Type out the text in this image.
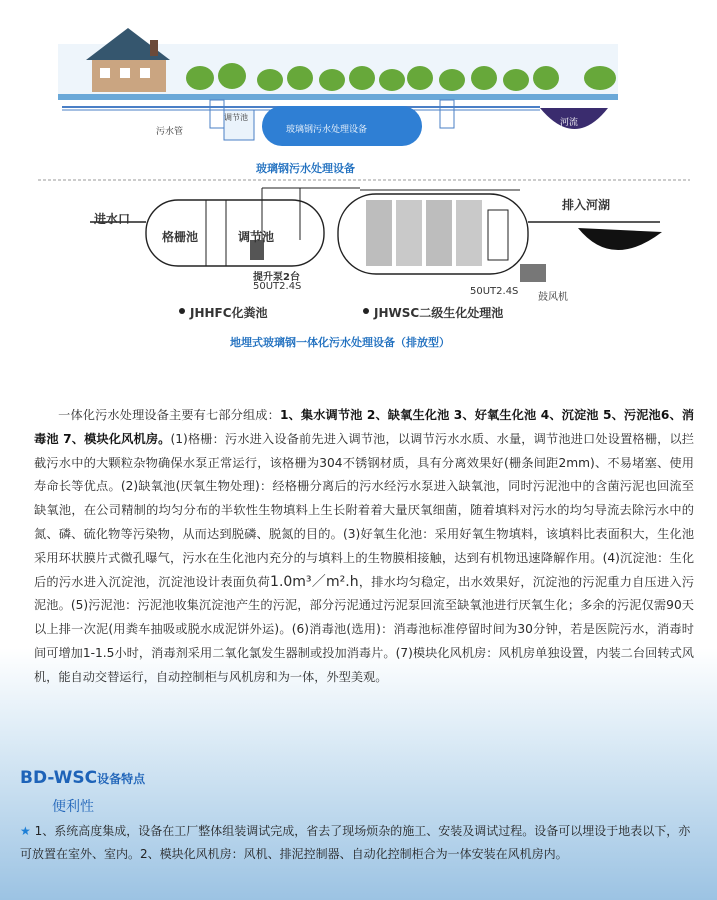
污水管
调节池
玻璃钢污水处理设备
河流
玻璃钢污水处理设备
进水口
格栅池	调节池
提升泵2台
50UT2.4S	50UT2.4S
排入河湖
鼓风机
JHHFC化粪池	JHWSC二级生化处理池
地埋式玻璃钢一体化污水处理设备（排放型）
一体化污水处理设备主要有七部分组成：1、集水调节池 2、缺氧生化池 3、好氧生化池 4、沉淀池 5、污泥池6、消毒池 7、模块化风机房。(1)格栅：污水进入设备前先进入调节池，以调节污水水质、水量，调节池进口处设置格栅，以拦截污水中的大颗粒杂物确保水泵正常运行，该格栅为304不锈钢材质，具有分离效果好(栅条间距2mm)、不易堵塞、使用寿命长等优点。(2)缺氧池(厌氧生物处理)：经格栅分离后的污水经污水泵进入缺氧池，同时污泥池中的含菌污泥也回流至缺氧池，在公司精制的均匀分布的半软性生物填料上生长附着着大量厌氧细菌，随着填料对污水的均匀导流去除污水中的氮、磷、硫化物等污染物，从而达到脱磷、脱氮的目的。(3)好氧生化池：采用好氧生物填料，该填料比表面积大，生化池采用环状膜片式微孔曝气，污水在生化池内充分的与填料上的生物膜相接触，达到有机物迅速降解作用。(4)沉淀池：生化后的污水进入沉淀池，沉淀池设计表面负荷1.0m³／m².h，排水均匀稳定，出水效果好，沉淀池的污泥重力自压进入污泥池。(5)污泥池：污泥池收集沉淀池产生的污泥，部分污泥通过污泥泵回流至缺氧池进行厌氧生化；多余的污泥仅需90天以上排一次泥(用粪车抽吸或脱水成泥饼外运)。(6)消毒池(选用)：消毒池标准停留时间为30分钟，若是医院污水，消毒时间可增加1-1.5小时，消毒剂采用二氧化氯发生器制或投加消毒片。(7)模块化风机房：风机房单独设置，内装二台回转式风机，能自动交替运行，自动控制柜与风机房和为一体，外型美观。
BD-WSC设备特点
便利性
★ 1、系统高度集成，设备在工厂整体组装调试完成，省去了现场烦杂的施工、安装及调试过程。设备可以埋设于地表以下，亦可放置在室外、室内。2、模块化风机房：风机、排泥控制器、自动化控制柜合为一体安装在风机房内。
